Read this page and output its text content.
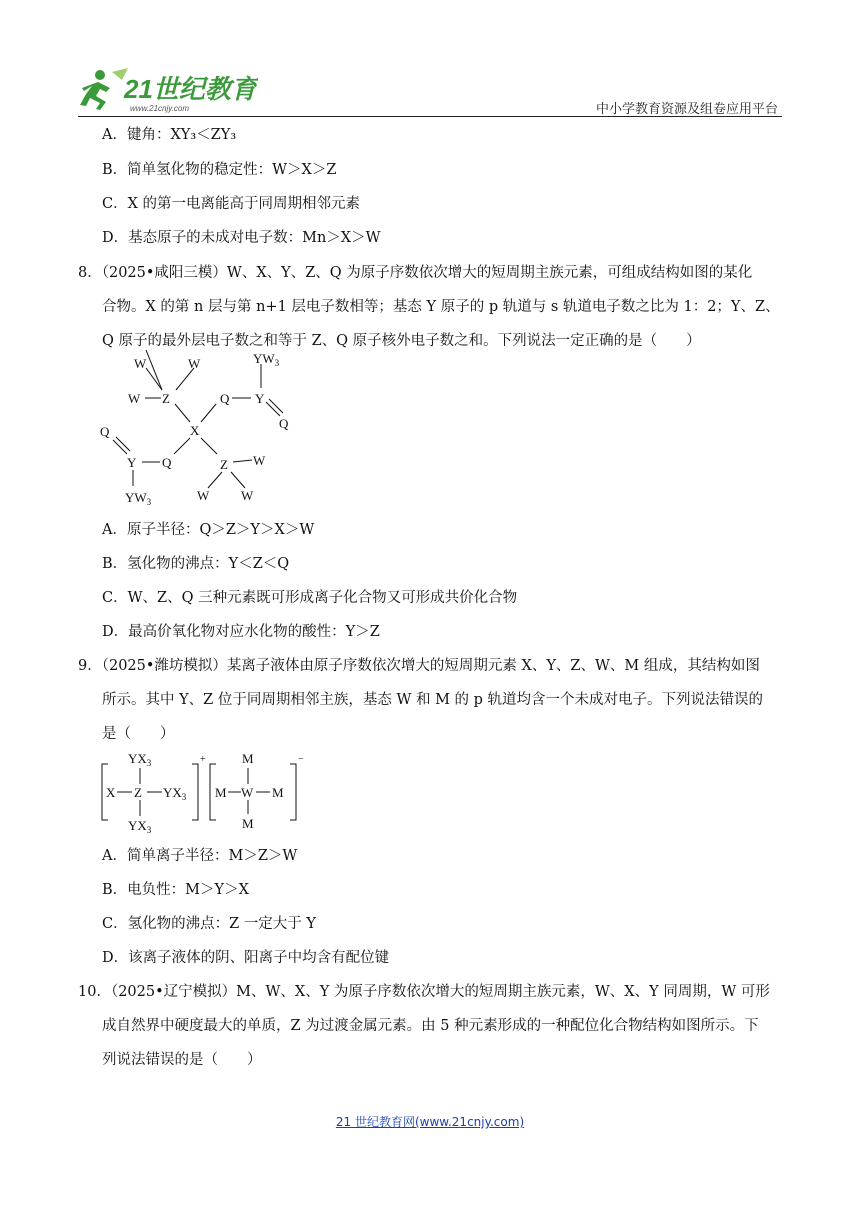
21世纪教育
www.21cnjy.com	中小学教育资源及组卷应用平台
A．键角：XY₃＜ZY₃
B．简单氢化物的稳定性：W＞X＞Z
C．X 的第一电离能高于同周期相邻元素
D．基态原子的未成对电子数：Mn＞X＞W
8．（2025•咸阳三模）W、X、Y、Z、Q 为原子序数依次增大的短周期主族元素，可组成结构如图的某化
合物。X 的第 n 层与第 n+1 层电子数相等；基态 Y 原子的 p 轨道与 s 轨道电子数之比为 1：2；Y、Z、
Q 原子的最外层电子数之和等于 Z、Q 原子核外电子数之和。下列说法一定正确的是（　　）
W	W
W Z	Q Y
$YW_3$
Q
X
Q
Y Q	Z W
$YW_3$	W W
A．原子半径：Q＞Z＞Y＞X＞W
B．氢化物的沸点：Y＜Z＜Q
C．W、Z、Q 三种元素既可形成离子化合物又可形成共价化合物
D．最高价氧化物对应水化物的酸性：Y＞Z
9．（2025•潍坊模拟）某离子液体由原子序数依次增大的短周期元素 X、Y、Z、W、M 组成，其结构如图
所示。其中 Y、Z 位于同周期相邻主族，基态 W 和 M 的 p 轨道均含一个未成对电子。下列说法错误的
是（　　）
$YX_3$
X Z $YX_3$
$YX_3$
+	M
M W M
M
−
A．简单离子半径：M＞Z＞W
B．电负性：M＞Y＞X
C．氢化物的沸点：Z 一定大于 Y
D．该离子液体的阴、阳离子中均含有配位键
10．（2025•辽宁模拟）M、W、X、Y 为原子序数依次增大的短周期主族元素，W、X、Y 同周期，W 可形
成自然界中硬度最大的单质，Z 为过渡金属元素。由 5 种元素形成的一种配位化合物结构如图所示。下
列说法错误的是（　　）
21 世纪教育网(www.21cnjy.com)
